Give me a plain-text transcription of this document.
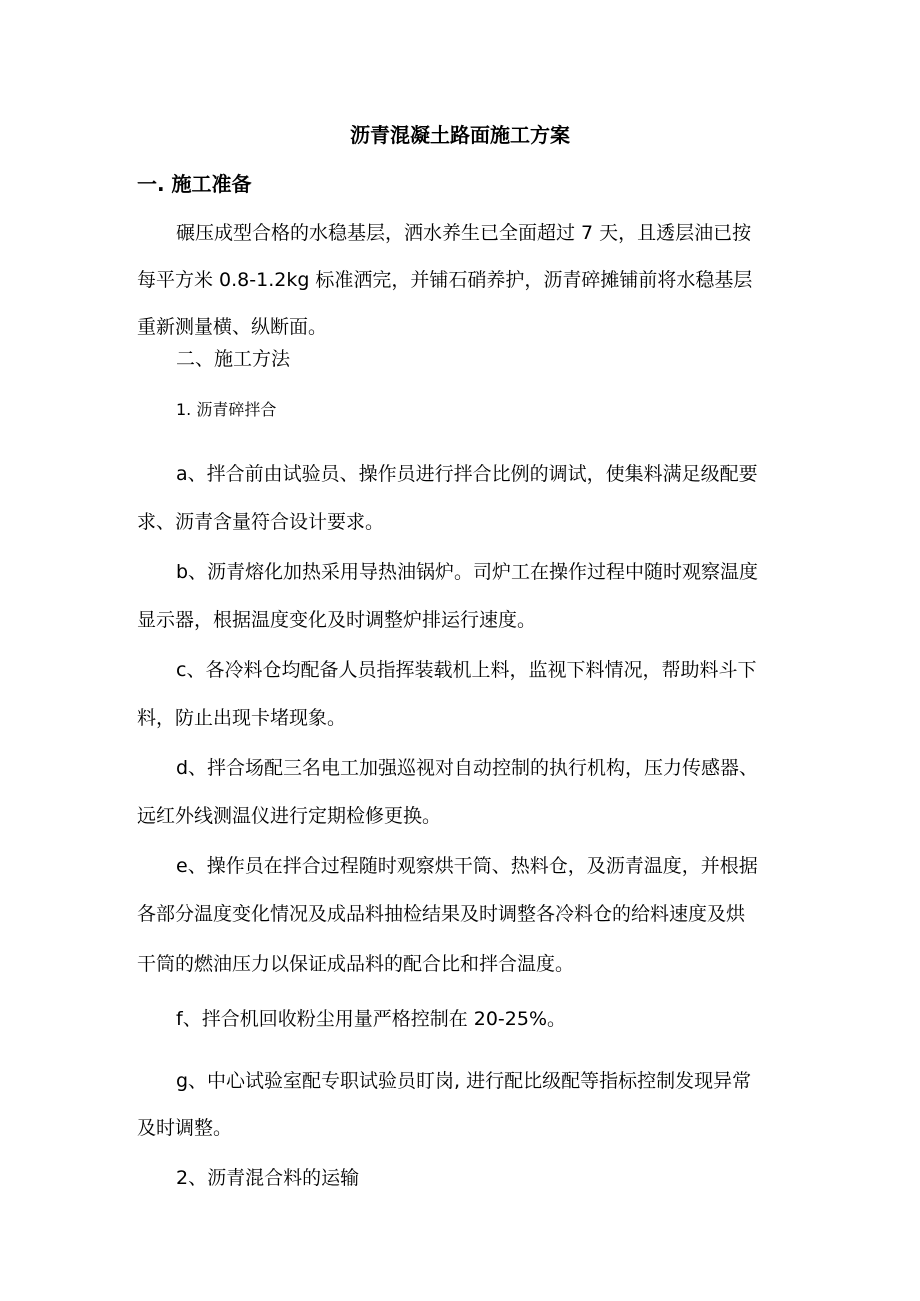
沥青混凝土路面施工方案
一. 施工准备
碾压成型合格的水稳基层，洒水养生已全面超过 7 天，且透层油已按
每平方米 0.8-1.2kg 标准洒完，并铺石硝养护，沥青碎摊铺前将水稳基层
重新测量横、纵断面。
二、施工方法
1. 沥青碎拌合
a、拌合前由试验员、操作员进行拌合比例的调试，使集料满足级配要
求、沥青含量符合设计要求。
b、沥青熔化加热采用导热油锅炉。司炉工在操作过程中随时观察温度
显示器，根据温度变化及时调整炉排运行速度。
c、各冷料仓均配备人员指挥装载机上料，监视下料情况，帮助料斗下
料，防止出现卡堵现象。
d、拌合场配三名电工加强巡视对自动控制的执行机构，压力传感器、
远红外线测温仪进行定期检修更换。
e、操作员在拌合过程随时观察烘干筒、热料仓，及沥青温度，并根据
各部分温度变化情况及成品料抽检结果及时调整各冷料仓的给料速度及烘
干筒的燃油压力以保证成品料的配合比和拌合温度。
f、拌合机回收粉尘用量严格控制在 20-25%。
g、中心试验室配专职试验员盯岗, 进行配比级配等指标控制发现异常
及时调整。
2、沥青混合料的运输
